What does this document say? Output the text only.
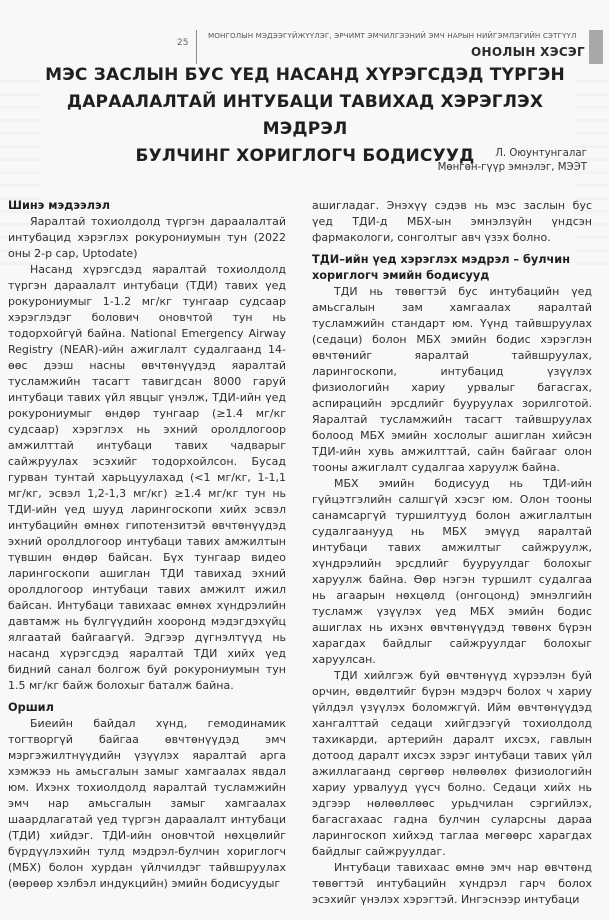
25
МОНГОЛЫН МЭДЭЭГҮЙЖҮҮЛЭГ, ЭРЧИМТ ЭМЧИЛГЭЭНИЙ ЭМЧ НАРЫН НИЙГЭМЛЭГИЙН СЭТГҮҮЛ
ОНОЛЫН ХЭСЭГ
МЭС ЗАСЛЫН БУС ҮЕД НАСАНД ХҮРЭГСДЭД ТҮРГЭН
ДАРААЛАЛТАЙ ИНТУБАЦИ ТАВИХАД ХЭРЭГЛЭХ МЭДРЭЛ
БУЛЧИНГ ХОРИГЛОГЧ БОДИСУУД	Л. Оюунтунгалаг
Мөнгөн-гүүр эмнэлэг, МЭЭТ
Шинэ мэдээлэл

Яаралтай тохиолдолд түргэн дараалалтай интубацид хэрэглэх рокурониумын тун (2022 оны 2-р сар, Uptodate)

Насанд хүрэгсдэд яаралтай тохиолдолд түргэн дараалалт интубаци (ТДИ) тавих үед рокурониумыг 1-1.2 мг/кг тунгаар судсаар хэрэглэдэг болович оновчтой тун нь тодорхойгүй байна. National Emergency Airway Registry (NEAR)-ийн ажиглалт судалгаанд 14-өөс дээш насны өвчтөнүүдэд яаралтай тусламжийн тасагт тавигдсан 8000 гаруй интубаци тавих үйл явцыг үнэлж, ТДИ-ийн үед рокурониумыг өндөр тунгаар (≥1.4 мг/кг судсаар) хэрэглэх нь эхний оролдлогоор амжилттай интубаци тавих чадварыг сайжруулах эсэхийг тодорхойлсон. Бусад гурван тунтай харьцуулахад (<1 мг/кг, 1-1,1 мг/кг, эсвэл 1,2-1,3 мг/кг) ≥1.4 мг/кг тун нь ТДИ-ийн үед шууд ларингоскопи хийх эсвэл интубацийн өмнөх гипотензитэй өвчтөнүүдэд эхний оролдлогоор интубаци тавих амжилтын түвшин өндөр байсан. Бүх тунгаар видео ларингоскопи ашиглан ТДИ тавихад эхний оролдлогоор интубаци тавих амжилт ижил байсан. Интубаци тавихаас өмнөх хүндрэлийн давтамж нь бүлгүүдийн хооронд мэдэгдэхүйц ялгаатай байгаагүй. Эдгээр дүгнэлтүүд нь насанд хүрэгсдэд яаралтай ТДИ хийх үед бидний санал болгож буй рокурониумын тун 1.5 мг/кг байж болохыг баталж байна.

Оршил

Биеийн байдал хүнд, гемодинамик тогтворгүй байгаа өвчтөнүүдэд эмч мэргэжилтнүүдийн үзүүлэх яаралтай арга хэмжээ нь амьсгалын замыг хамгаалах явдал юм. Ихэнх тохиолдолд яаралтай тусламжийн эмч нар амьсгалын замыг хамгаалах шаардлагатай үед түргэн дараалалт интубаци (ТДИ) хийдэг. ТДИ-ийн оновчтой нөхцөлийг бүрдүүлэхийн тулд мэдрэл-булчин хориглогч (МБХ) болон хурдан үйлчилдэг тайвшруулах (өөрөөр хэлбэл индукцийн) эмийн бодисуудыг

ашигладаг. Энэхүү сэдэв нь мэс заслын бус үед ТДИ-д МБХ-ын эмнэлзүйн үндсэн фармакологи, сонголтыг авч үзэх болно.

ТДИ–ийн үед хэрэглэх мэдрэл – булчин хориглогч эмийн бодисууд

ТДИ нь төвөгтэй бус интубацийн үед амьсгалын зам хамгаалах яаралтай тусламжийн стандарт юм. Үүнд тайвшруулах (седаци) болон МБХ эмийн бодис хэрэглэн өвчтөнийг яаралтай тайвшруулах, ларингоскопи, интубацид үзүүлэх физиологийн хариу урвалыг багасгах, аспирацийн эрсдлийг бууруулах зорилготой. Яаралтай тусламжийн тасагт тайвшруулах болоод МБХ эмийн хослолыг ашиглан хийсэн ТДИ-ийн хувь амжилттай, сайн байгааг олон тооны ажиглалт судалгаа харуулж байна.

МБХ эмийн бодисууд нь ТДИ-ийн гүйцэтгэлийн салшгүй хэсэг юм. Олон тооны санамсаргүй туршилтууд болон ажиглалтын судалгаанууд нь МБХ эмүүд яаралтай интубаци тавих амжилтыг сайжруулж, хүндрэлийн эрсдлийг бууруулдаг болохыг харуулж байна. Өөр нэгэн туршилт судалгаа нь агаарын нөхцөлд (онгоцонд) эмнэлгийн тусламж үзүүлэх үед МБХ эмийн бодис ашиглах нь ихэнх өвчтөнүүдэд төвөнх бүрэн харагдах байдлыг сайжруулдаг болохыг харуулсан.

ТДИ хийлгэж буй өвчтөнүүд хүрээлэн буй орчин, өвдөлтийг бүрэн мэдэрч болох ч хариу үйлдэл үзүүлэх боломжгүй. Ийм өвчтөнүүдэд хангалттай седаци хийгдээгүй тохиолдолд тахикарди, артерийн даралт ихсэх, гавлын дотоод даралт ихсэх зэрэг интубаци тавих үйл ажиллагаанд сөргөөр нөлөөлөх физиологийн хариу урвалууд үүсч болно. Седаци хийх нь эдгээр нөлөөллөөс урьдчилан сэргийлэх, багасгахаас гадна булчин суларсны дараа ларингоскоп хийхэд таглаа мөгөөрс харагдах байдлыг сайжруулдаг.

Интубаци тавихаас өмнө эмч нар өвчтөнд төвөгтэй интубацийн хүндрэл гарч болох эсэхийг үнэлэх хэрэгтэй. Ингэснээр интубаци
